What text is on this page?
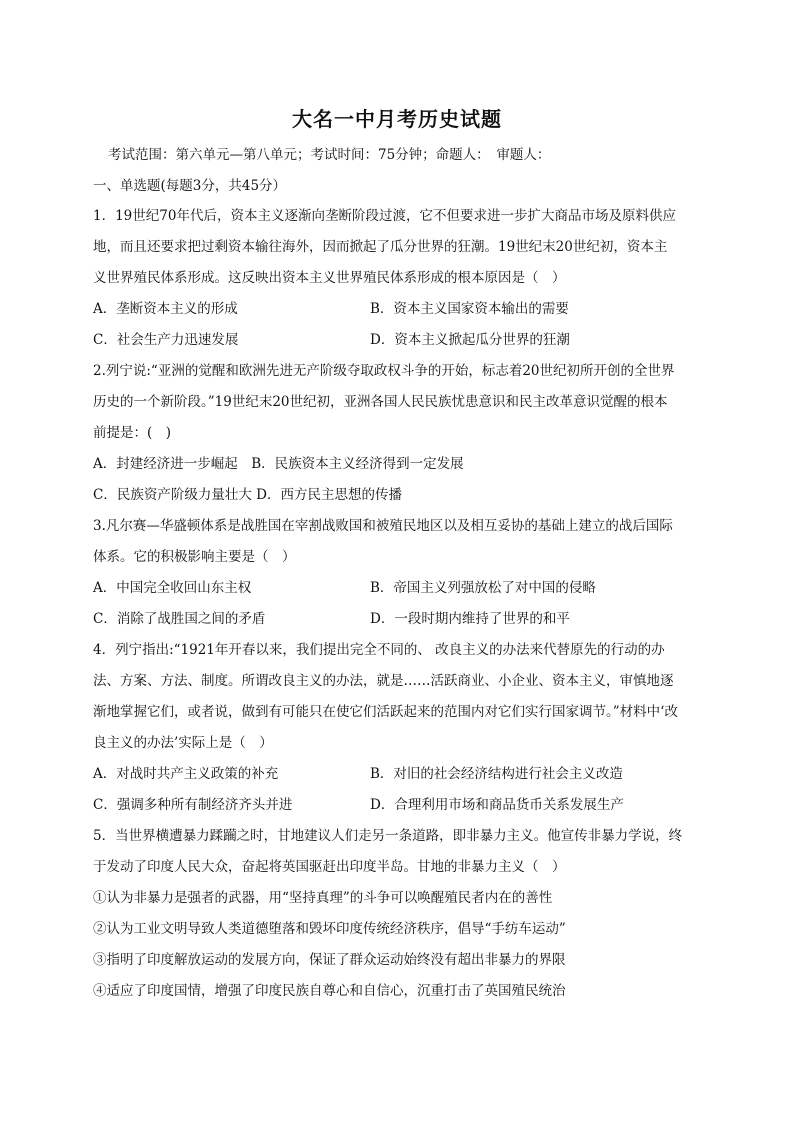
大名一中月考历史试题
考试范围：第六单元—第八单元；考试时间：75分钟；命题人：　审题人：
一、单选题(每题3分，共45分）
1．19世纪70年代后，资本主义逐渐向垄断阶段过渡，它不但要求进一步扩大商品市场及原料供应
地，而且还要求把过剩资本输往海外，因而掀起了瓜分世界的狂潮。19世纪末20世纪初，资本主
义世界殖民体系形成。这反映出资本主义世界殖民体系形成的根本原因是（　）
A．垄断资本主义的形成	B．资本主义国家资本输出的需要
C．社会生产力迅速发展	D．资本主义掀起瓜分世界的狂潮
2.列宁说:“亚洲的觉醒和欧洲先进无产阶级夺取政权斗争的开始，标志着20世纪初所开创的全世界
历史的一个新阶段。”19世纪末20世纪初，亚洲各国人民民族忧患意识和民主改革意识觉醒的根本
前提是：(　)
A．封建经济进一步崛起　B．民族资本主义经济得到一定发展
C．民族资产阶级力量壮大 D．西方民主思想的传播
3.凡尔赛—华盛顿体系是战胜国在宰割战败国和被殖民地区以及相互妥协的基础上建立的战后国际
体系。它的积极影响主要是（　）
A．中国完全收回山东主权	B．帝国主义列强放松了对中国的侵略
C．消除了战胜国之间的矛盾	D．一段时期内维持了世界的和平
4．列宁指出:“1921年开春以来，我们提出完全不同的、 改良主义的办法来代替原先的行动的办
法、方案、方法、制度。所谓改良主义的办法，就是……活跃商业、小企业、资本主义，审慎地逐
渐地掌握它们，或者说，做到有可能只在使它们活跃起来的范围内对它们实行国家调节。”材料中‘改
良主义的办法’实际上是（　）
A．对战时共产主义政策的补充	B．对旧的社会经济结构进行社会主义改造
C．强调多种所有制经济齐头并进	D．合理利用市场和商品货币关系发展生产
5．当世界横遭暴力蹂躏之时，甘地建议人们走另一条道路，即非暴力主义。他宣传非暴力学说，终
于发动了印度人民大众，奋起将英国驱赶出印度半岛。甘地的非暴力主义（　）
①认为非暴力是强者的武器，用“坚持真理”的斗争可以唤醒殖民者内在的善性
②认为工业文明导致人类道德堕落和毁坏印度传统经济秩序，倡导“手纺车运动”
③指明了印度解放运动的发展方向，保证了群众运动始终没有超出非暴力的界限
④适应了印度国情，增强了印度民族自尊心和自信心，沉重打击了英国殖民统治
